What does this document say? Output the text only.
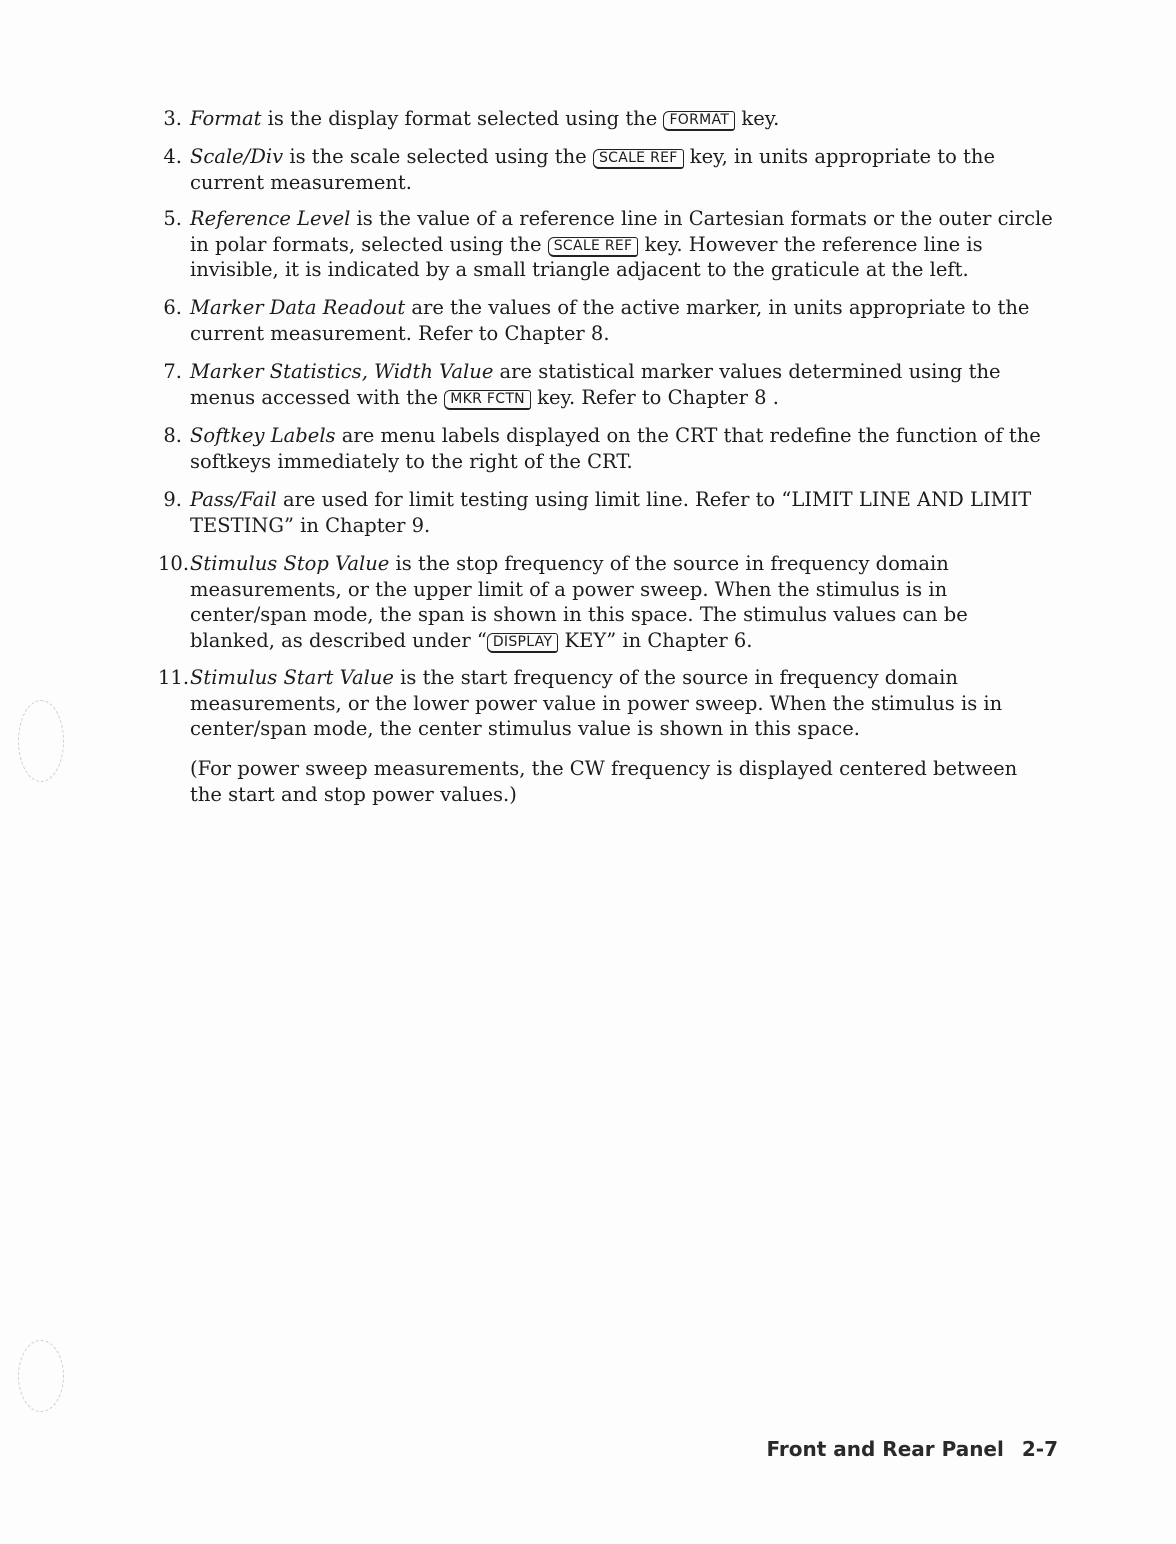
3. Format is the display format selected using the FORMAT key.
4. Scale/Div is the scale selected using the SCALE REF key, in units appropriate to the current measurement.
5. Reference Level is the value of a reference line in Cartesian formats or the outer circle in polar formats, selected using the SCALE REF key. However the reference line is invisible, it is indicated by a small triangle adjacent to the graticule at the left.
6. Marker Data Readout are the values of the active marker, in units appropriate to the current measurement. Refer to Chapter 8.
7. Marker Statistics, Width Value are statistical marker values determined using the menus accessed with the MKR FCTN key. Refer to Chapter 8 .
8. Softkey Labels are menu labels displayed on the CRT that redefine the function of the softkeys immediately to the right of the CRT.
9. Pass/Fail are used for limit testing using limit line. Refer to “LIMIT LINE AND LIMIT TESTING” in Chapter 9.
10. Stimulus Stop Value is the stop frequency of the source in frequency domain measurements, or the upper limit of a power sweep. When the stimulus is in center/span mode, the span is shown in this space. The stimulus values can be blanked, as described under “ DISPLAY KEY” in Chapter 6.
11. Stimulus Start Value is the start frequency of the source in frequency domain measurements, or the lower power value in power sweep. When the stimulus is in center/span mode, the center stimulus value is shown in this space.
(For power sweep measurements, the CW frequency is displayed centered between the start and stop power values.)
Front and Rear Panel 2-7
